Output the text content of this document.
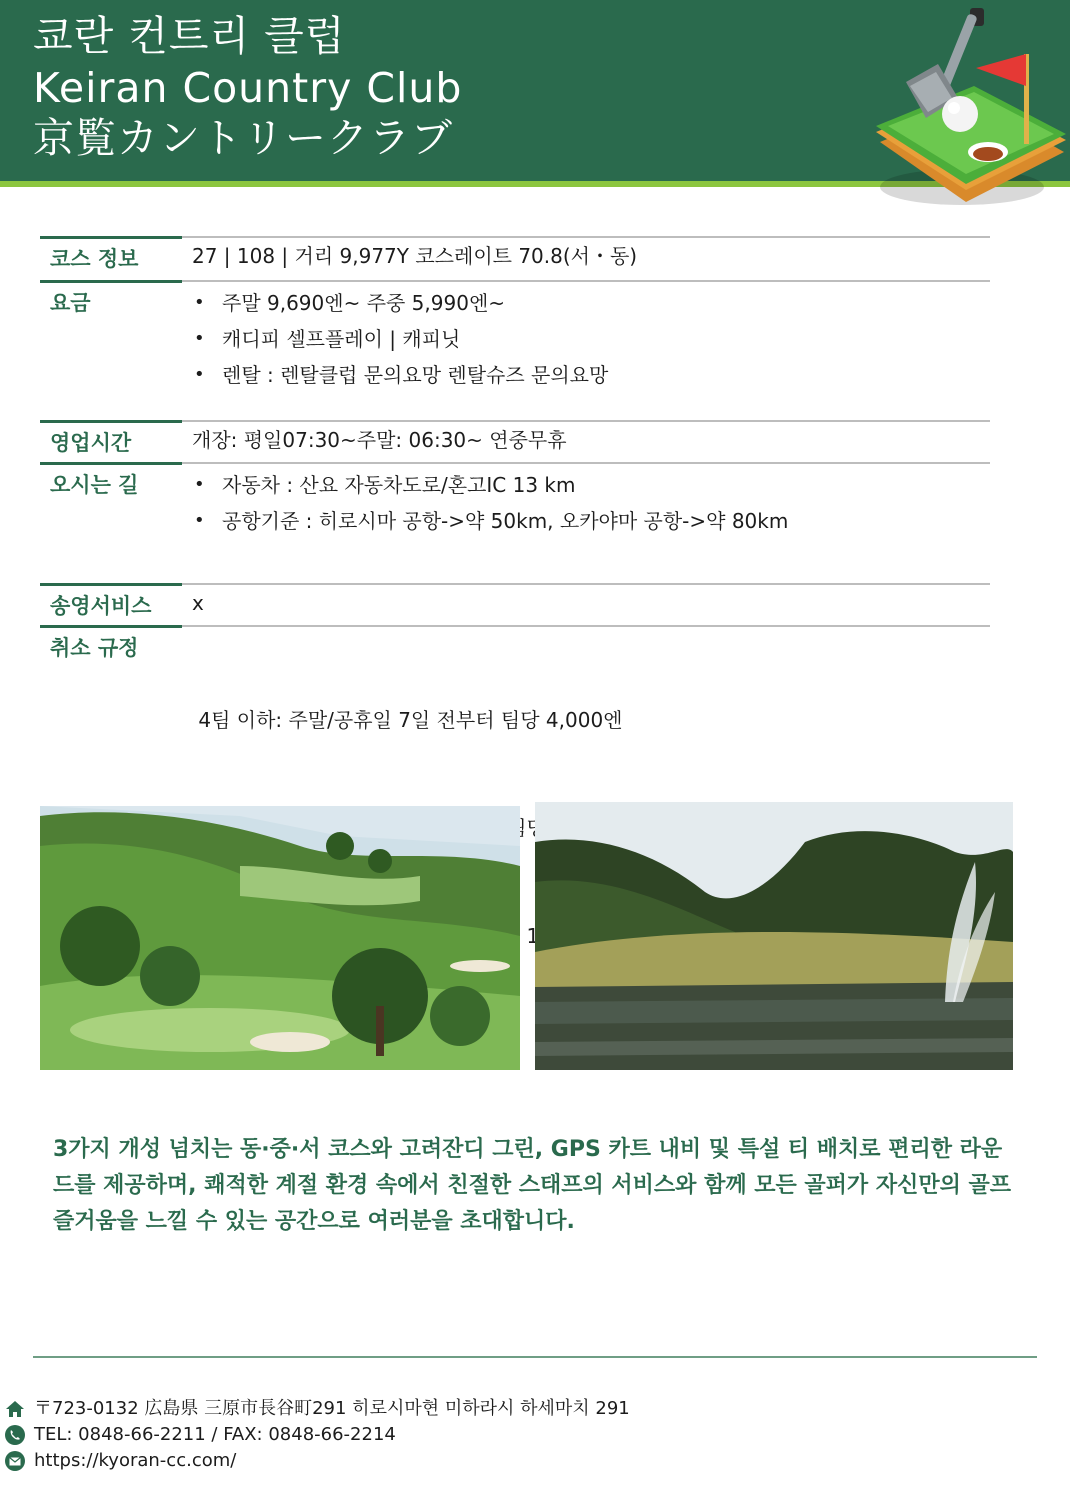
쿄란 컨트리 클럽
Keiran Country Club
京覧カントリークラブ
코스 정보	27 | 108 | 거리 9,977Y 코스레이트 70.8(서・동)
요금	• 주말 9,690엔~ 주중 5,990엔~
• 캐디피 셀프플레이 | 캐피닛
• 렌탈 : 렌탈클럽 문의요망 렌탈슈즈 문의요망
영업시간	개장: 평일07:30~주말: 06:30~ 연중무휴
오시는 길	• 자동차 : 산요 자동차도로/혼고IC 13 km
• 공항기준 : 히로시마 공항->약 50km, 오카야마 공항->약 80km
송영서비스	x
취소 규정

4팀 이하: 주말/공휴일 7일 전부터 팀당 4,000엔

팀당

3가지 개성 넘치는 동·중·서 코스와 고려잔디 그린, GPS 카트 내비 및 특설 티 배치로 편리한 라운드를 제공하며, 쾌적한 계절 환경 속에서 친절한 스태프의 서비스와 함께 모든 골퍼가 자신만의 골프 즐거움을 느낄 수 있는 공간으로 여러분을 초대합니다.
〒723-0132 広島県 三原市長谷町291 히로시마현 미하라시 하세마치 291
TEL: 0848-66-2211 / FAX: 0848-66-2214
https://kyoran-cc.com/
